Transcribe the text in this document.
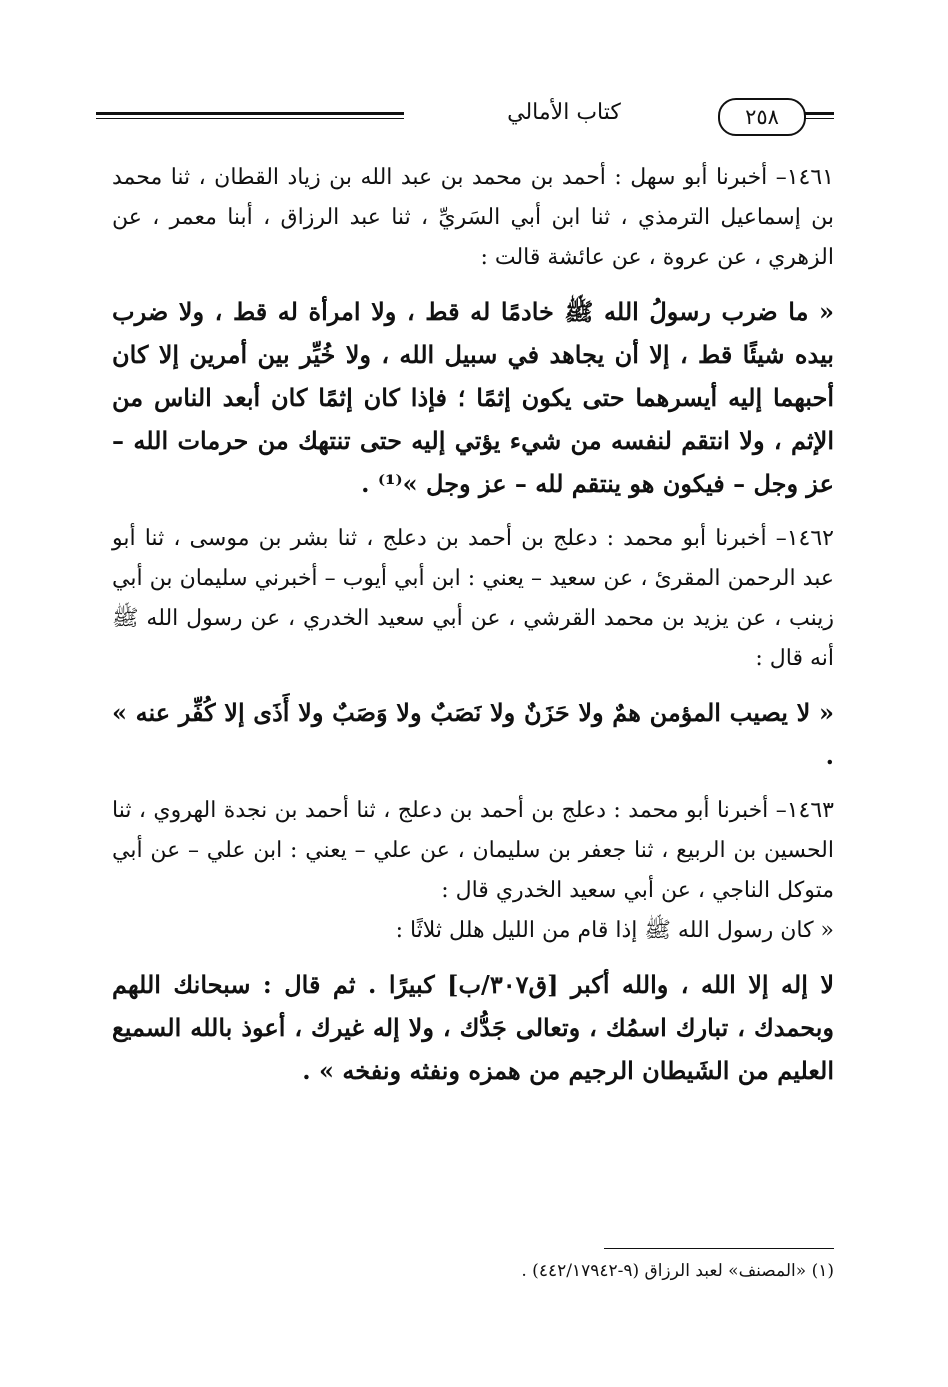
كتاب الأمالي	٢٥٨

١٤٦١– أخبرنا أبو سهل : أحمد بن محمد بن عبد الله بن زياد القطان ، ثنا محمد بن إسماعيل الترمذي ، ثنا ابن أبي السَريِّ ، ثنا عبد الرزاق ، أبنا معمر ، عن الزهري ، عن عروة ، عن عائشة قالت :

« ما ضرب رسولُ الله ﷺ خادمًا له قط ، ولا امرأة له قط ، ولا ضرب بيده شيئًا قط ، إلا أن يجاهد في سبيل الله ، ولا خُيِّر بين أمرين إلا كان أحبهما إليه أيسرهما حتى يكون إثمًا ؛ فإذا كان إثمًا كان أبعد الناس من الإثم ، ولا انتقم لنفسه من شيء يؤتي إليه حتى تنتهك من حرمات الله – عز وجل – فيكون هو ينتقم لله – عز وجل »⁽¹⁾ .

١٤٦٢– أخبرنا أبو محمد : دعلج بن أحمد بن دعلج ، ثنا بشر بن موسى ، ثنا أبو عبد الرحمن المقرئ ، عن سعيد – يعني : ابن أبي أيوب – أخبرني سليمان بن أبي زينب ، عن يزيد بن محمد القرشي ، عن أبي سعيد الخدري ، عن رسول الله ﷺ أنه قال :

« لا يصيب المؤمن همٌ ولا حَزَنٌ ولا نَصَبٌ ولا وَصَبٌ ولا أَذَى إلا كُفِّر عنه » .

١٤٦٣– أخبرنا أبو محمد : دعلج بن أحمد بن دعلج ، ثنا أحمد بن نجدة الهروي ، ثنا الحسين بن الربيع ، ثنا جعفر بن سليمان ، عن علي – يعني : ابن علي – عن أبي متوكل الناجي ، عن أبي سعيد الخدري قال :

« كان رسول الله ﷺ إذا قام من الليل هلل ثلاثًا :

لا إله إلا الله ، والله أكبر [ق٣٠٧/ب] كبيرًا . ثم قال : سبحانك اللهم وبحمدك ، تبارك اسمُك ، وتعالى جَدُّك ، ولا إله غيرك ، أعوذ بالله السميع العليم من الشَيطان الرجيم من همزه ونفثه ونفخه » .

(١) «المصنف» لعبد الرزاق (٩-٤٤٢/١٧٩٤٢) .
